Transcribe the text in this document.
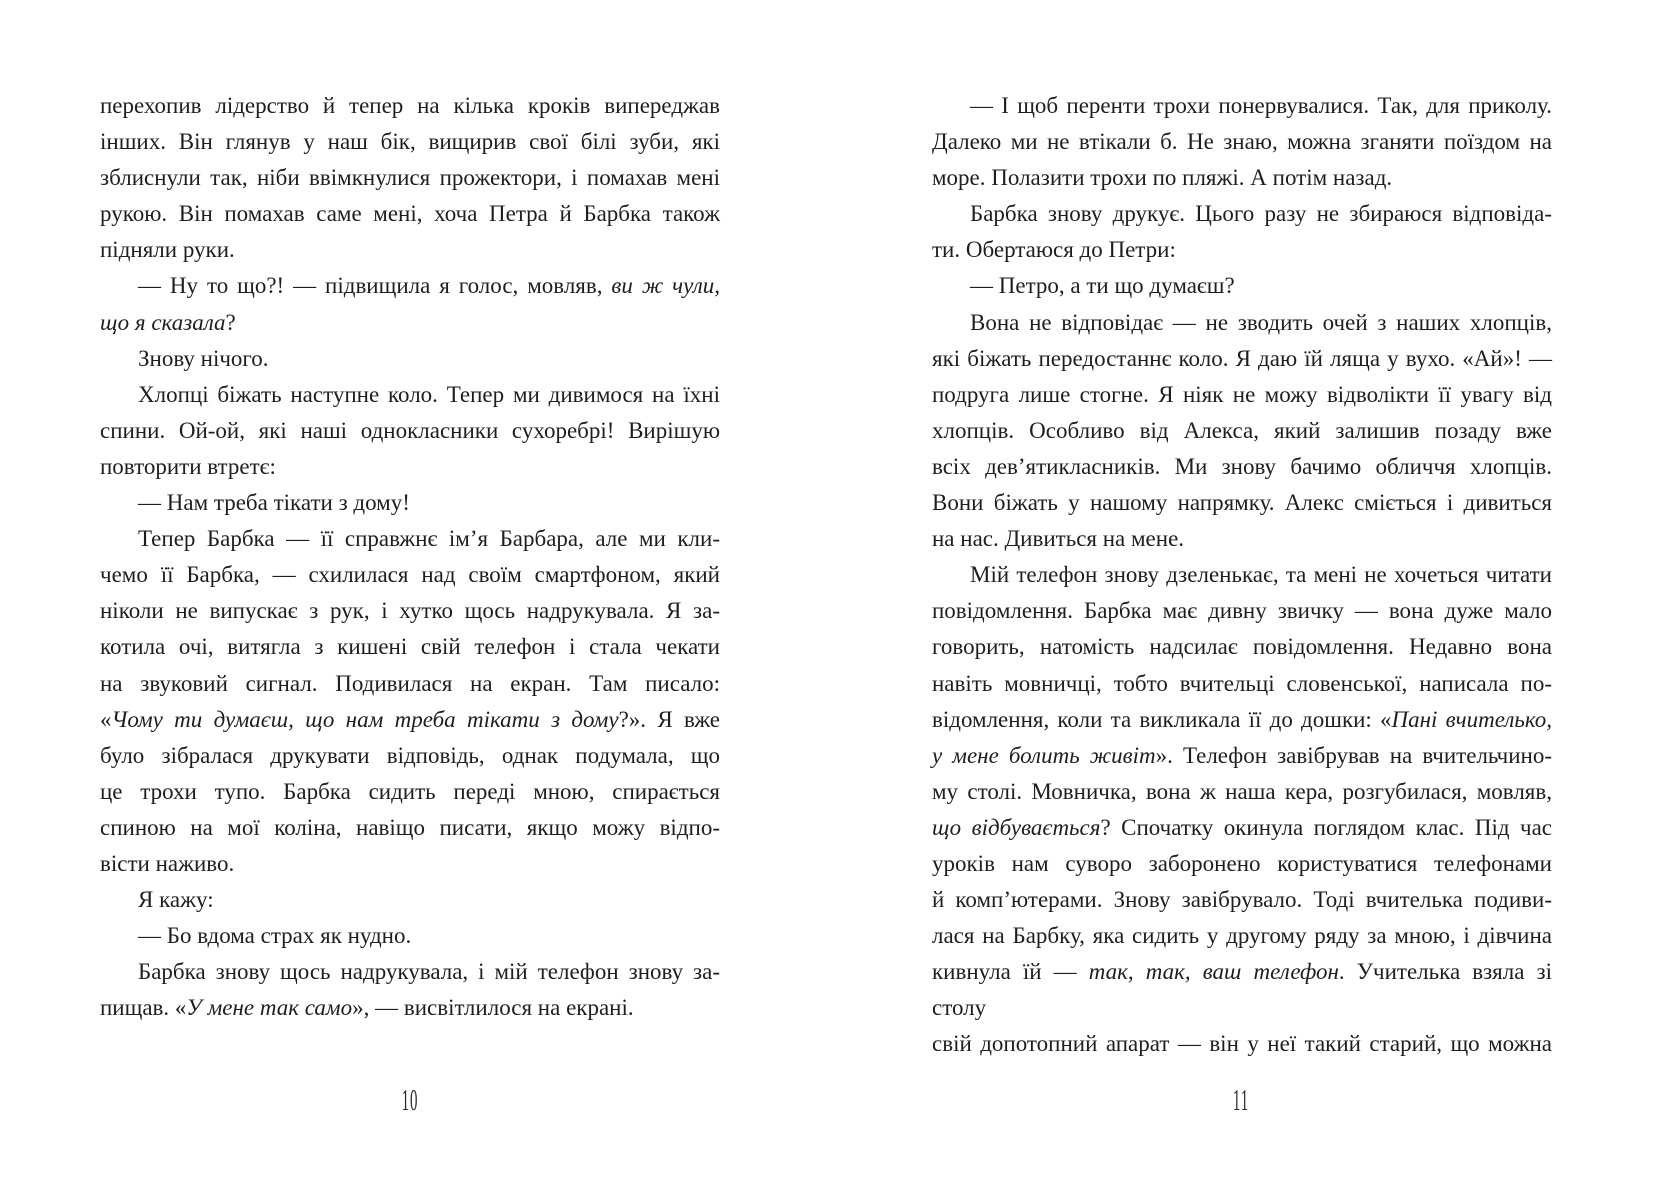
перехопив лідерство й тепер на кілька кроків випереджав
інших. Він глянув у наш бік, вищирив свої білі зуби, які
зблиснули так, ніби ввімкнулися прожектори, і помахав мені
рукою. Він помахав саме мені, хоча Петра й Барбка також
підняли руки.
— Ну то що?! — підвищила я голос, мовляв, ви ж чули,
що я сказала?
Знову нічого.
Хлопці біжать наступне коло. Тепер ми дивимося на їхні
спини. Ой-ой, які наші однокласники сухоребрі! Вирішую
повторити втретє:
— Нам треба тікати з дому!
Тепер Барбка — її справжнє ім’я Барбара, але ми кли-
чемо її Барбка, — схилилася над своїм смартфоном, який
ніколи не випускає з рук, і хутко щось надрукувала. Я за-
котила очі, витягла з кишені свій телефон і стала чекати
на звуковий сигнал. Подивилася на екран. Там писало:
«Чому ти думаєш, що нам треба тікати з дому?». Я вже
було зібралася друкувати відповідь, однак подумала, що
це трохи тупо. Барбка сидить переді мною, спирається
спиною на мої коліна, навіщо писати, якщо можу відпо-
вісти наживо.
Я кажу:
— Бо вдома страх як нудно.
Барбка знову щось надрукувала, і мій телефон знову за-
пищав. «У мене так само», — висвітлилося на екрані.
— І щоб перенти трохи понервувалися. Так, для приколу.
Далеко ми не втікали б. Не знаю, можна зганяти поїздом на
море. Полазити трохи по пляжі. А потім назад.
Барбка знову друкує. Цього разу не збираюся відповіда-
ти. Обертаюся до Петри:
— Петро, а ти що думаєш?
Вона не відповідає — не зводить очей з наших хлопців,
які біжать передостаннє коло. Я даю їй ляща у вухо. «Ай»! —
подруга лише стогне. Я ніяк не можу відволікти її увагу від
хлопців. Особливо від Алекса, який залишив позаду вже
всіх дев’ятикласників. Ми знову бачимо обличчя хлопців.
Вони біжать у нашому напрямку. Алекс сміється і дивиться
на нас. Дивиться на мене.
Мій телефон знову дзеленькає, та мені не хочеться читати
повідомлення. Барбка має дивну звичку — вона дуже мало
говорить, натомість надсилає повідомлення. Недавно вона
навіть мовничці, тобто вчительці словенської, написала по-
відомлення, коли та викликала її до дошки: «Пані вчителько,
у мене болить живіт». Телефон завібрував на вчительчино-
му столі. Мовничка, вона ж наша кера, розгубилася, мовляв,
що відбувається? Спочатку окинула поглядом клас. Під час
уроків нам суворо заборонено користуватися телефонами
й комп’ютерами. Знову завібрувало. Тоді вчителька подиви-
лася на Барбку, яка сидить у другому ряду за мною, і дівчина
кивнула їй — так, так, ваш телефон. Учителька взяла зі столу
свій допотопний апарат — він у неї такий старий, що можна
10	11
